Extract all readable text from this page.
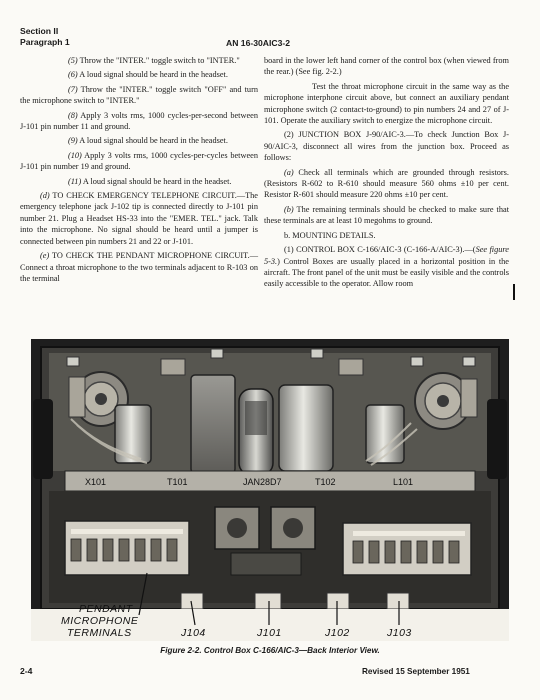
Section II
Paragraph 1	AN 16-30AIC3-2

(5) Throw the "INTER." toggle switch to "INTER."

(6) A loud signal should be heard in the headset.

(7) Throw the "INTER." toggle switch "OFF" and turn the microphone switch to "INTER."

(8) Apply 3 volts rms, 1000 cycles-per-second between J-101 pin number 11 and ground.

(9) A loud signal should be heard in the headset.

(10) Apply 3 volts rms, 1000 cycles-per-cycles between J-101 pin number 19 and ground.

(11) A loud signal should be heard in the headset.

(d) TO CHECK EMERGENCY TELEPHONE CIRCUIT.—The emergency telephone jack J-102 tip is connected directly to J-101 pin number 21. Plug a Headset HS-33 into the "EMER. TEL." jack. Talk into the microphone. No signal should be heard until a jumper is connected between pin numbers 21 and 22 or J-101.

(e) TO CHECK THE PENDANT MICROPHONE CIRCUIT.—Connect a throat microphone to the two terminals adjacent to R-103 on the terminal

board in the lower left hand corner of the control box (when viewed from the rear.) (See fig. 2-2.)

Test the throat microphone circuit in the same way as the microphone interphone circuit above, but connect an auxiliary pendant microphone switch (2 contact-to-ground) to pin numbers 24 and 27 of J-101. Operate the auxiliary switch to energize the microphone circuit.

(2) JUNCTION BOX J-90/AIC-3.—To check Junction Box J-90/AIC-3, disconnect all wires from the junction box. Proceed as follows:

(a) Check all terminals which are grounded through resistors. (Resistors R-602 to R-610 should measure 560 ohms ±10 per cent. Resistor R-601 should measure 220 ohms ±10 per cent.

(b) The remaining terminals should be checked to make sure that these terminals are at least 10 megohms to ground.

b. MOUNTING DETAILS.

(1) CONTROL BOX C-166/AIC-3 (C-166-A/AIC-3).—(See figure 5-3.) Control Boxes are usually placed in a horizontal position in the aircraft. The front panel of the unit must be easily visible and the controls easily accessible to the operator. Allow room

X101	T101	JAN28D7	T102	L101
PENDANT
MICROPHONE
TERMINALS	J104	J101	J102	J103
Figure 2-2. Control Box C-166/AIC-3—Back Interior View.
2-4	Revised 15 September 1951
